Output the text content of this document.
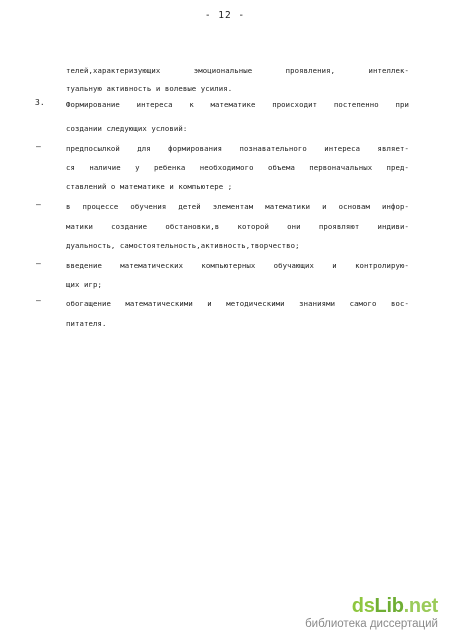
- 12 -
3.
–
–
–
–
телей,характеризующих эмоциональные проявления, интеллек-
туальную активность и волевые усилия.
Формирование интереса к математике происходит постепенно при
создании следующих условий:
предпосылкой для формирования познавательного интереса являет-
ся наличие у ребенка необходимого объема первоначальных пред-
ставлений о математике и компьютере ;
в процессе обучения детей элементам математики и основам инфор-
матики создание обстановки,в которой они проявляют индиви-
дуальность, самостоятельность,активность,творчество;
введение математических компьютерных обучающих и контролирую-
щих игр;
обогащение математическими и методическими знаниями самого вос-
питателя.
dsLib.net
библиотека диссертаций
